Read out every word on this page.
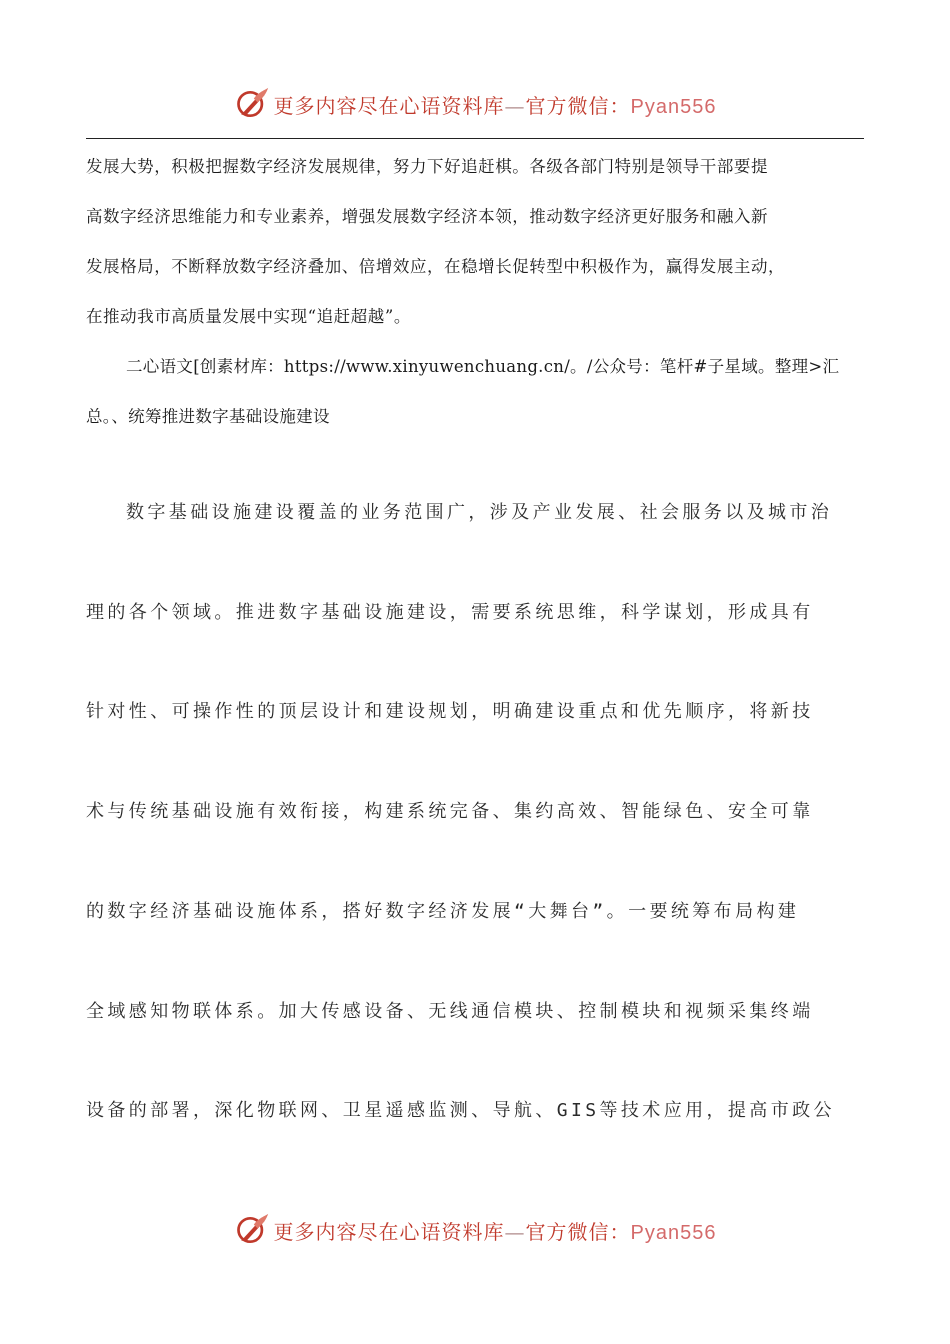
更多内容尽在心语资料库—官方微信：Pyan556

发展大势，积极把握数字经济发展规律，努力下好追赶棋。各级各部门特别是领导干部要提
高数字经济思维能力和专业素养，增强发展数字经济本领，推动数字经济更好服务和融入新
发展格局，不断释放数字经济叠加、倍增效应，在稳增长促转型中积极作为，赢得发展主动，
在推动我市高质量发展中实现“追赶超越”。

二心语文[创素材库：https://www.xinyuwenchuang.cn/。/公众号：笔杆#子星域。整理>汇
总。、统筹推进数字基础设施建设

数字基础设施建设覆盖的业务范围广，涉及产业发展、社会服务以及城市治
理的各个领域。推进数字基础设施建设，需要系统思维，科学谋划，形成具有
针对性、可操作性的顶层设计和建设规划，明确建设重点和优先顺序，将新技
术与传统基础设施有效衔接，构建系统完备、集约高效、智能绿色、安全可靠
的数字经济基础设施体系，搭好数字经济发展“大舞台”。一要统筹布局构建
全域感知物联体系。加大传感设备、无线通信模块、控制模块和视频采集终端
设备的部署，深化物联网、卫星遥感监测、导航、GIS等技术应用，提高市政公

更多内容尽在心语资料库—官方微信：Pyan556
